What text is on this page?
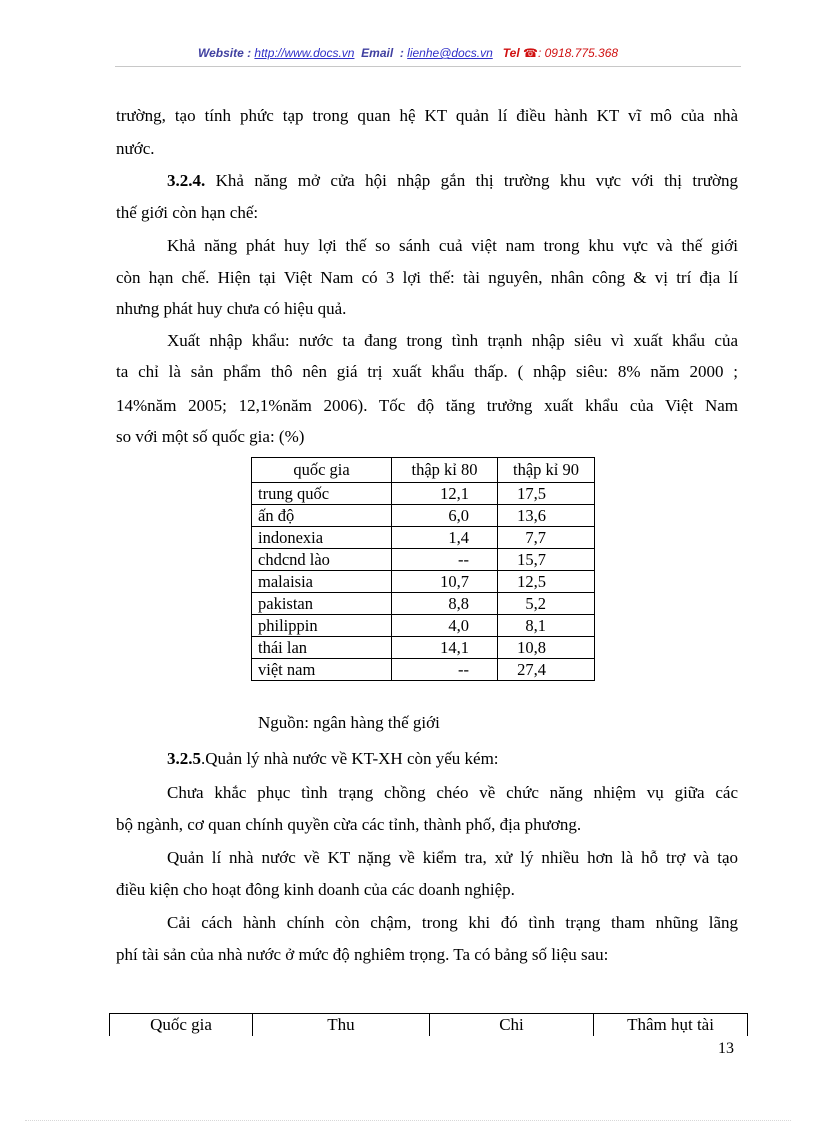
Website : http://www.docs.vn Email : lienhe@docs.vn Tel ☎: 0918.775.368
trường, tạo tính phức tạp trong quan hệ KT quản lí điều hành KT vĩ mô của nhà
nước.
3.2.4. Khả năng mở cửa hội nhập gắn thị trường khu vực với thị trường
thế giới còn hạn chế:
Khả năng phát huy lợi thế so sánh cuả việt nam trong khu vực và thế giới
còn hạn chế. Hiện tại Việt Nam có 3 lợi thế: tài nguyên, nhân công & vị trí địa lí
nhưng phát huy chưa có hiệu quả.
Xuất nhập khẩu: nước ta đang trong tình trạnh nhập siêu vì xuất khẩu của
ta chỉ là sản phẩm thô nên giá trị xuất khẩu thấp. ( nhập siêu: 8% năm 2000 ;
14%năm 2005; 12,1%năm 2006). Tốc độ tăng trưởng xuất khẩu của Việt Nam
so với một số quốc gia: (%)
quốc gia	thập kỉ 80	thập kỉ 90
trung quốc	12,1	17,5
ấn độ	6,0	13,6
indonexia	1,4	7,7
chdcnd lào	--	15,7
malaisia	10,7	12,5
pakistan	8,8	5,2
philippin	4,0	8,1
thái lan	14,1	10,8
việt nam	--	27,4
Nguồn: ngân hàng thế giới
3.2.5.Quản lý nhà nước về KT-XH còn yếu kém:
Chưa khắc phục tình trạng chồng chéo về chức năng nhiệm vụ giữa các
bộ ngành, cơ quan chính quyền cừa các tỉnh, thành phố, địa phương.
Quản lí nhà nước về KT nặng về kiểm tra, xử lý nhiều hơn là hỗ trợ và tạo
điều kiện cho hoạt đông kinh doanh của các doanh nghiệp.
Cải cách hành chính còn chậm, trong khi đó tình trạng tham nhũng lãng
phí tài sản của nhà nước ở mức độ nghiêm trọng. Ta có bảng số liệu sau:
Quốc gia	Thu	Chi	Thâm hụt tài
13
